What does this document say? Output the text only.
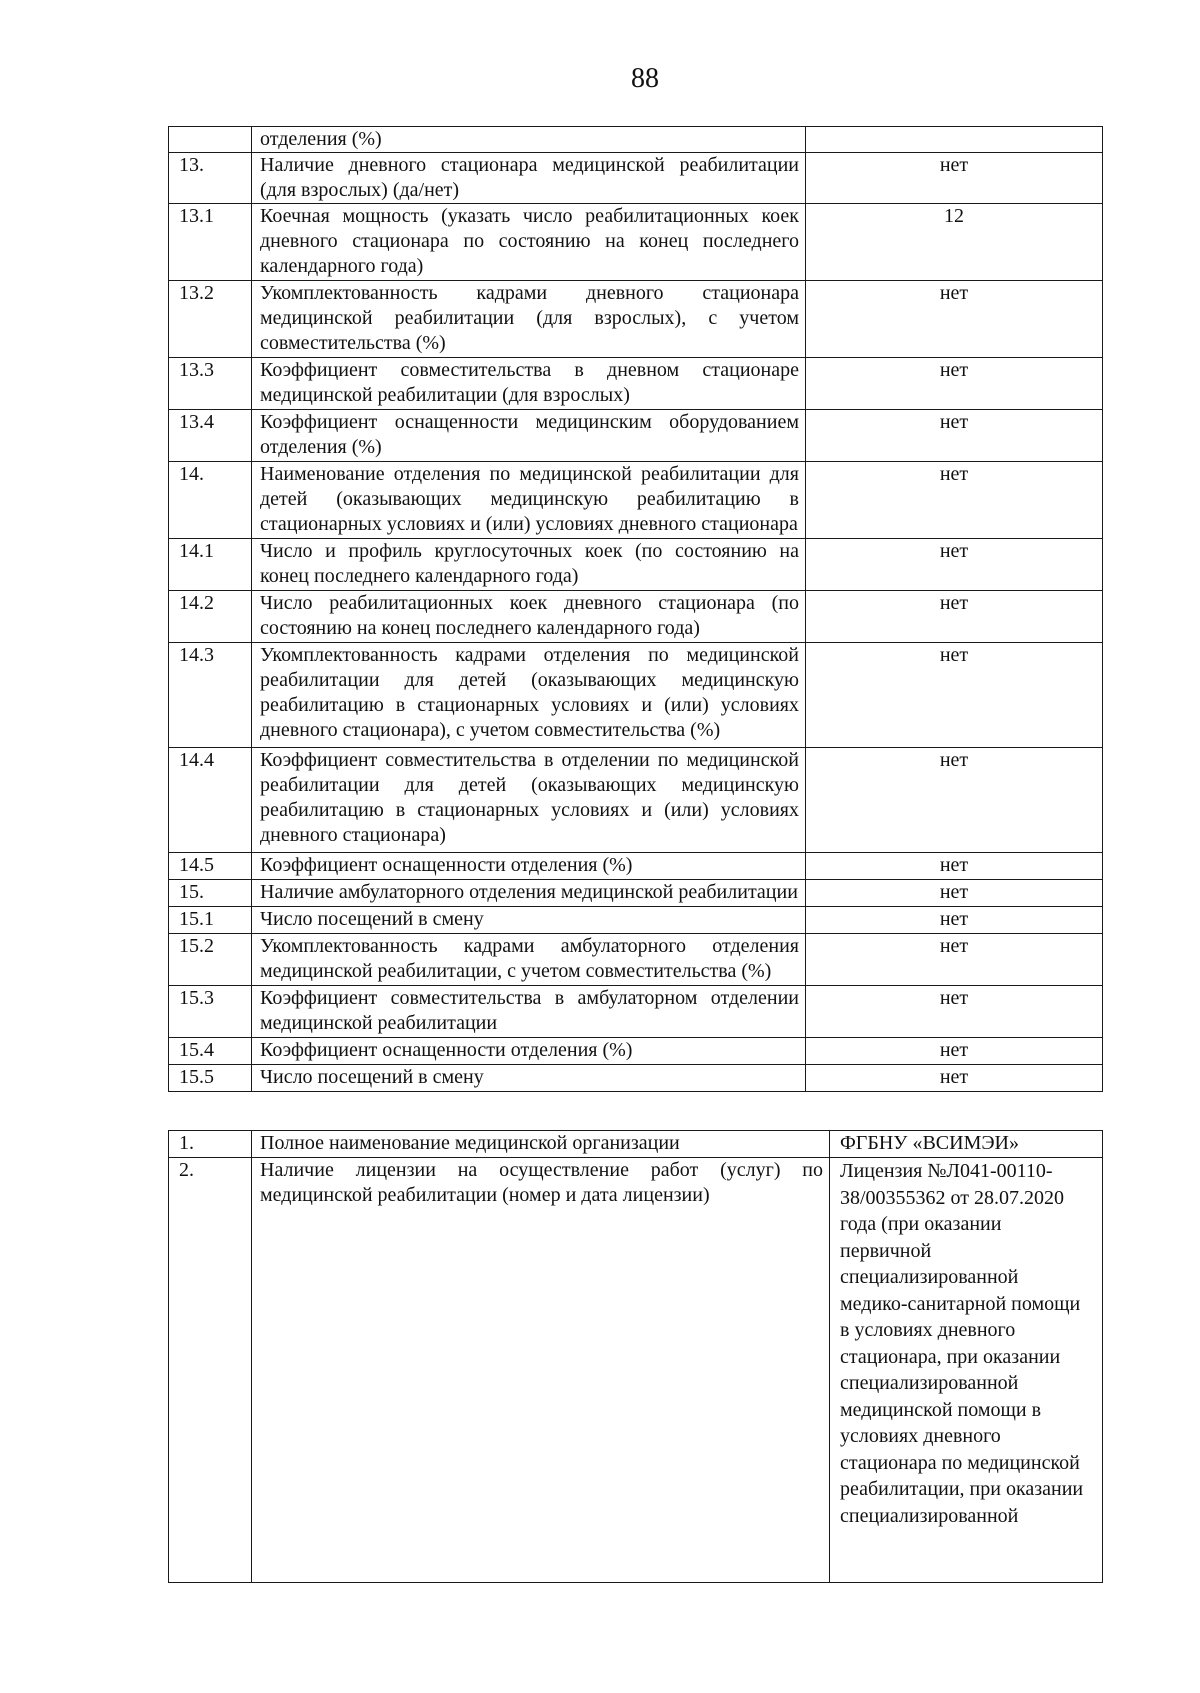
88
	отделения (%)	
13.	Наличие дневного стационара медицинской реабилитации (для взрослых) (да/нет)	нет
13.1	Коечная мощность (указать число реабилитационных коек дневного стационара по состоянию на конец последнего календарного года)	12
13.2	Укомплектованность кадрами дневного стационара медицинской реабилитации (для взрослых), с учетом совместительства (%)	нет
13.3	Коэффициент совместительства в дневном стационаре медицинской реабилитации (для взрослых)	нет
13.4	Коэффициент оснащенности медицинским оборудованием отделения (%)	нет
14.	Наименование отделения по медицинской реабилитации для детей (оказывающих медицинскую реабилитацию в стационарных условиях и (или) условиях дневного стационара	нет
14.1	Число и профиль круглосуточных коек (по состоянию на конец последнего календарного года)	нет
14.2	Число реабилитационных коек дневного стационара (по состоянию на конец последнего календарного года)	нет
14.3	Укомплектованность кадрами отделения по медицинской реабилитации для детей (оказывающих медицинскую реабилитацию в стационарных условиях и (или) условиях дневного стационара), с учетом совместительства (%)	нет
14.4	Коэффициент совместительства в отделении по медицинской реабилитации для детей (оказывающих медицинскую реабилитацию в стационарных условиях и (или) условиях дневного стационара)	нет
14.5	Коэффициент оснащенности отделения (%)	нет
15.	Наличие амбулаторного отделения медицинской реабилитации	нет
15.1	Число посещений в смену	нет
15.2	Укомплектованность кадрами амбулаторного отделения медицинской реабилитации, с учетом совместительства (%)	нет
15.3	Коэффициент совместительства в амбулаторном отделении медицинской реабилитации	нет
15.4	Коэффициент оснащенности отделения (%)	нет
15.5	Число посещений в смену	нет
1.	Полное наименование медицинской организации	ФГБНУ «ВСИМЭИ»
2.	Наличие лицензии на осуществление работ (услуг) по медицинской реабилитации (номер и дата лицензии)	Лицензия №Л041-00110-38/00355362 от 28.07.2020 года (при оказании первичной специализированной медико-санитарной помощи в условиях дневного стационара, при оказании специализированной медицинской помощи в условиях дневного стационара по медицинской реабилитации, при оказании специализированной
